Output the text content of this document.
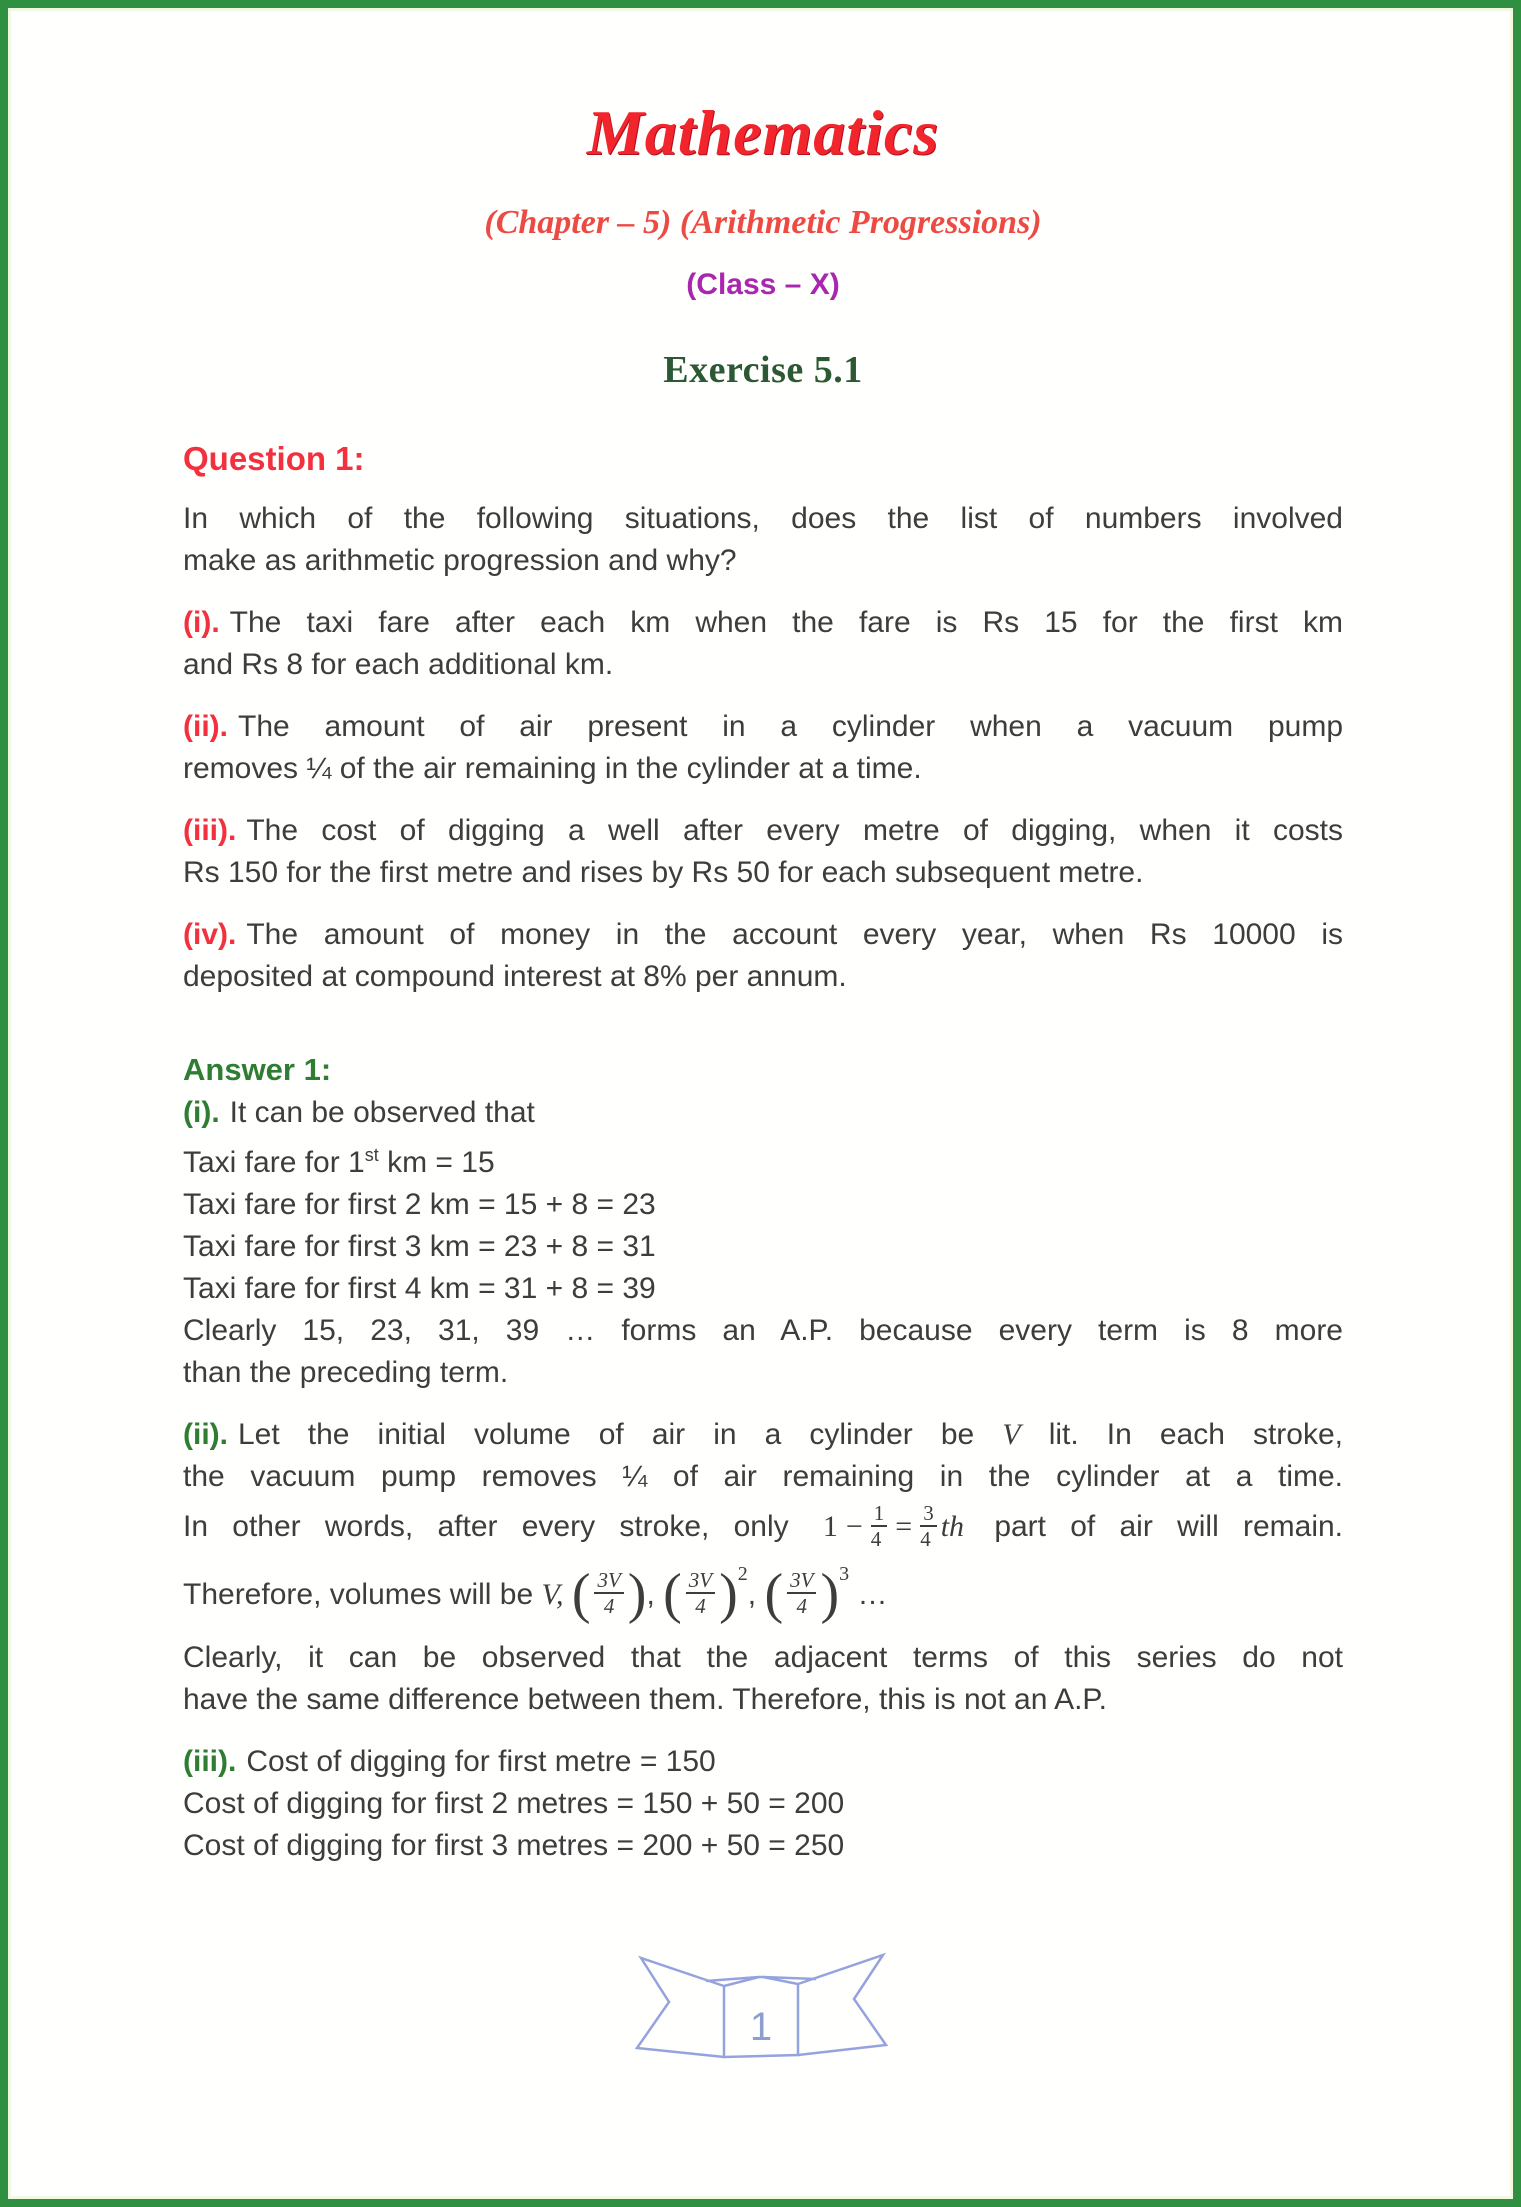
Mathematics
(Chapter – 5) (Arithmetic Progressions)
(Class – X)
Exercise 5.1
Question 1:
In which of the following situations, does the list of numbers involved
make as arithmetic progression and why?
(i). The taxi fare after each km when the fare is Rs 15 for the first km
and Rs 8 for each additional km.
(ii). The amount of air present in a cylinder when a vacuum pump
removes ¼ of the air remaining in the cylinder at a time.
(iii). The cost of digging a well after every metre of digging, when it costs
Rs 150 for the first metre and rises by Rs 50 for each subsequent metre.
(iv). The amount of money in the account every year, when Rs 10000 is
deposited at compound interest at 8% per annum.
Answer 1:
(i). It can be observed that
Taxi fare for 1st km = 15
Taxi fare for first 2 km = 15 + 8 = 23
Taxi fare for first 3 km = 23 + 8 = 31
Taxi fare for first 4 km = 31 + 8 = 39
Clearly 15, 23, 31, 39 … forms an A.P. because every term is 8 more
than the preceding term.
(ii). Let the initial volume of air in a cylinder be V lit. In each stroke,
the vacuum pump removes ¼ of air remaining in the cylinder at a time.
In other words, after every stroke, only $1 - \frac{1}{4} = \frac{3}{4}$ th part of air will remain.
Therefore, volumes will be V, ( $\frac{3V}{4}$ ), ( $\frac{3V}{4} )^2$, ( $\frac{3V}{4} )^3$ …
Clearly, it can be observed that the adjacent terms of this series do not
have the same difference between them. Therefore, this is not an A.P.
(iii). Cost of digging for first metre = 150
Cost of digging for first 2 metres = 150 + 50 = 200
Cost of digging for first 3 metres = 200 + 50 = 250
1
